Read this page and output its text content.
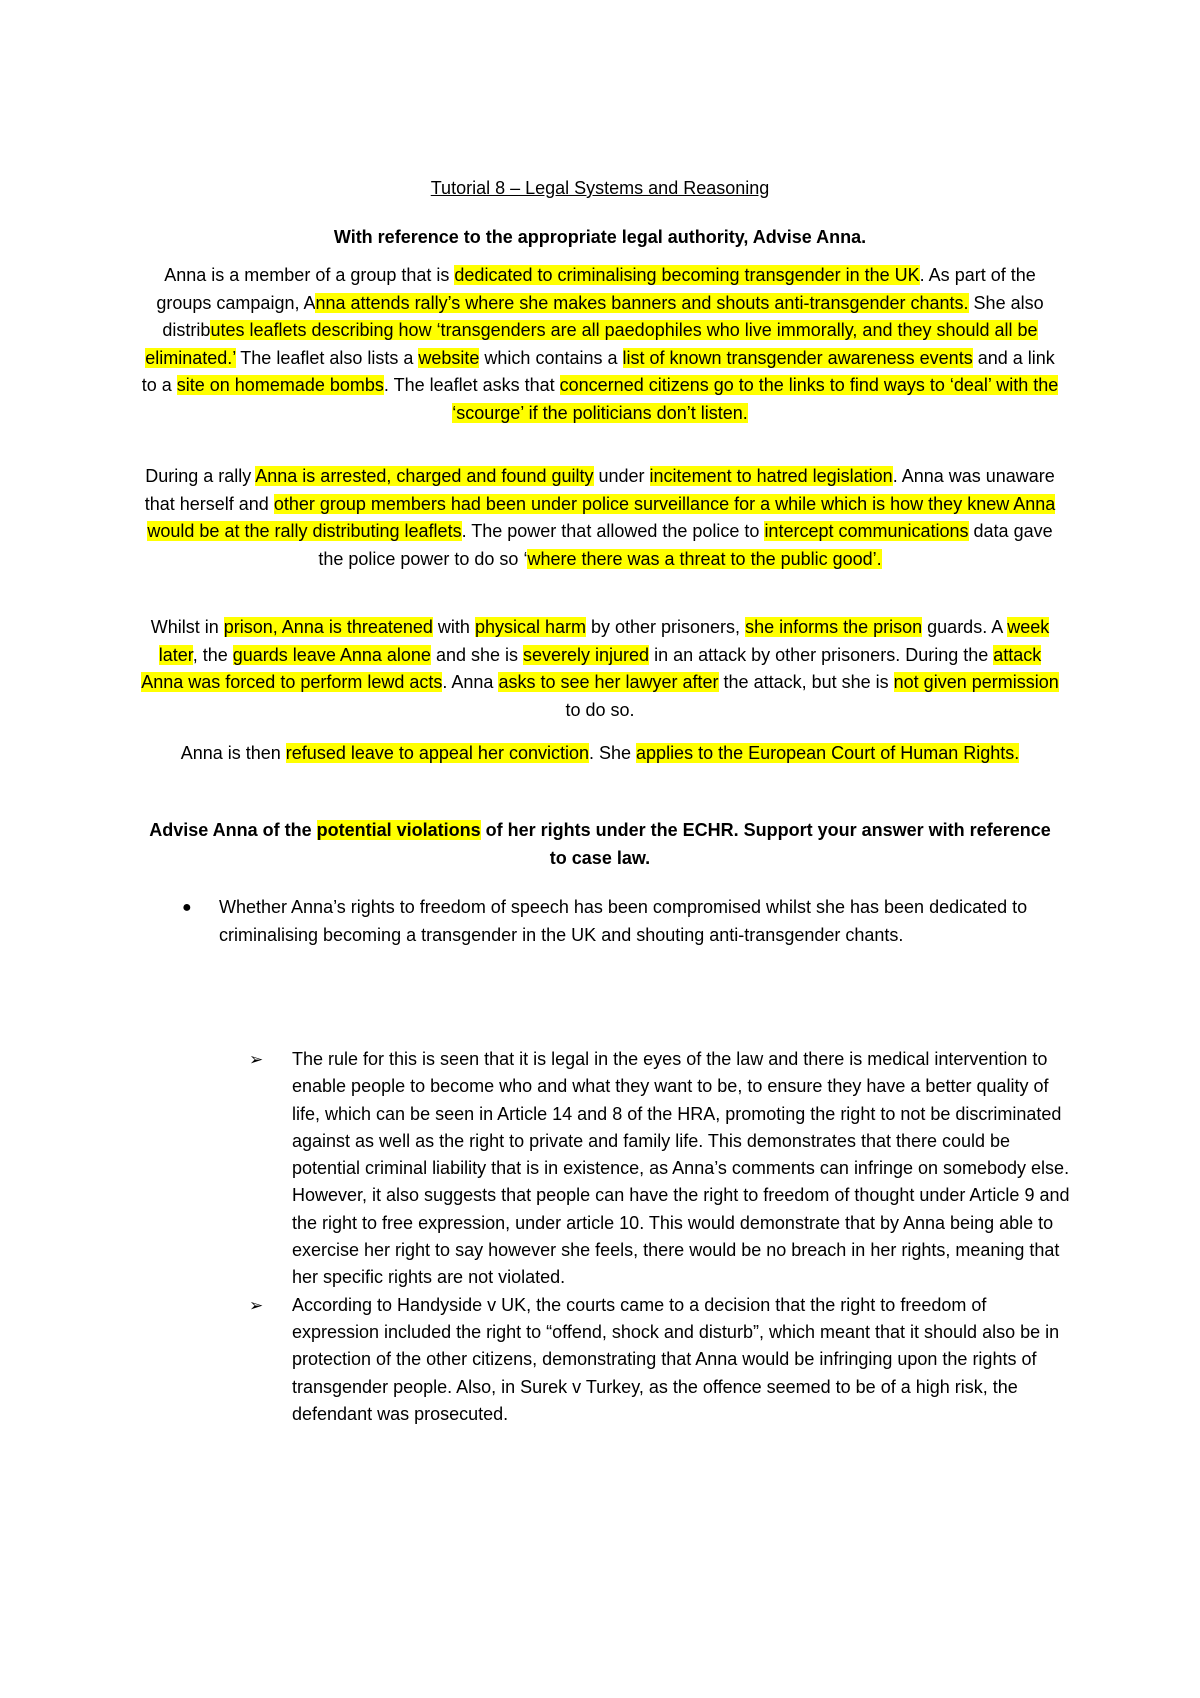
Tutorial 8 – Legal Systems and Reasoning
With reference to the appropriate legal authority, Advise Anna.
Anna is a member of a group that is dedicated to criminalising becoming transgender in the UK. As part of the groups campaign, Anna attends rally’s where she makes banners and shouts anti-transgender chants. She also distributes leaflets describing how ‘transgenders are all paedophiles who live immorally, and they should all be eliminated.’ The leaflet also lists a website which contains a list of known transgender awareness events and a link to a site on homemade bombs. The leaflet asks that concerned citizens go to the links to find ways to ‘deal’ with the ‘scourge’ if the politicians don’t listen.
During a rally Anna is arrested, charged and found guilty under incitement to hatred legislation. Anna was unaware that herself and other group members had been under police surveillance for a while which is how they knew Anna would be at the rally distributing leaflets. The power that allowed the police to intercept communications data gave the police power to do so ‘where there was a threat to the public good’.
Whilst in prison, Anna is threatened with physical harm by other prisoners, she informs the prison guards. A week later, the guards leave Anna alone and she is severely injured in an attack by other prisoners. During the attack Anna was forced to perform lewd acts. Anna asks to see her lawyer after the attack, but she is not given permission to do so.
Anna is then refused leave to appeal her conviction. She applies to the European Court of Human Rights.
Advise Anna of the potential violations of her rights under the ECHR. Support your answer with reference to case law.
● Whether Anna’s rights to freedom of speech has been compromised whilst she has been dedicated to criminalising becoming a transgender in the UK and shouting anti-transgender chants.
➢ The rule for this is seen that it is legal in the eyes of the law and there is medical intervention to enable people to become who and what they want to be, to ensure they have a better quality of life, which can be seen in Article 14 and 8 of the HRA, promoting the right to not be discriminated against as well as the right to private and family life. This demonstrates that there could be potential criminal liability that is in existence, as Anna’s comments can infringe on somebody else. However, it also suggests that people can have the right to freedom of thought under Article 9 and the right to free expression, under article 10. This would demonstrate that by Anna being able to exercise her right to say however she feels, there would be no breach in her rights, meaning that her specific rights are not violated.
➢ According to Handyside v UK, the courts came to a decision that the right to freedom of expression included the right to “offend, shock and disturb”, which meant that it should also be in protection of the other citizens, demonstrating that Anna would be infringing upon the rights of transgender people. Also, in Surek v Turkey, as the offence seemed to be of a high risk, the defendant was prosecuted.
